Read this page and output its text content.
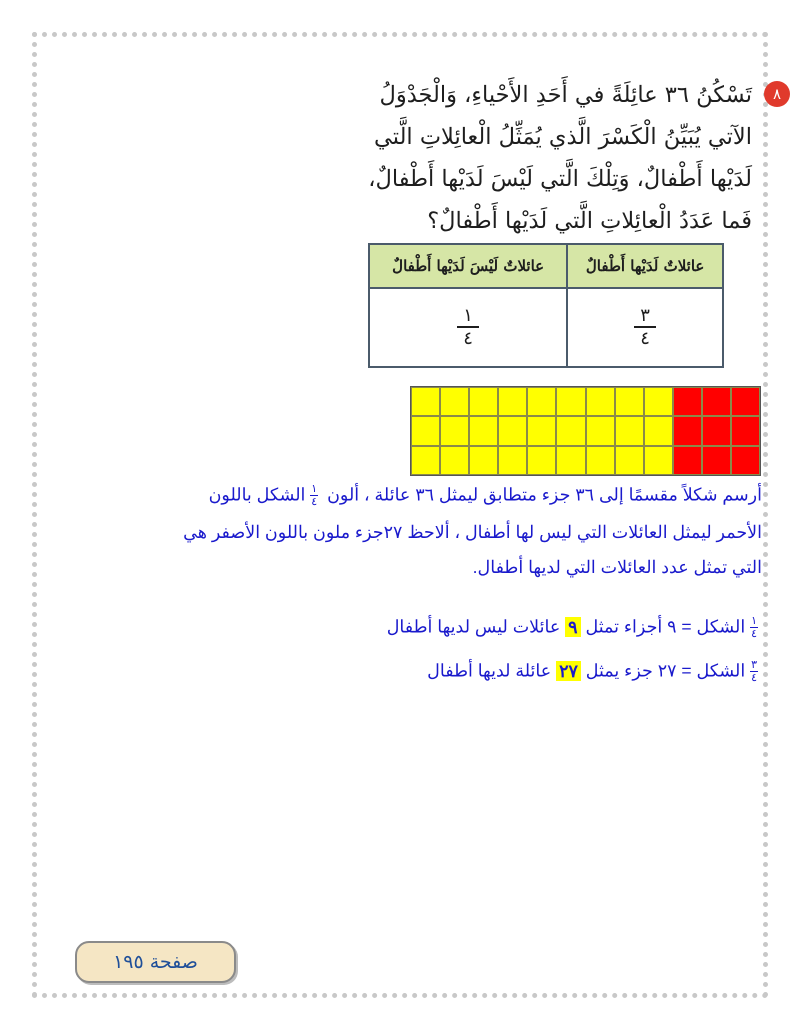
٨
تَسْكُنُ ٣٦ عائِلَةً في أَحَدِ الأَحْياءِ، وَالْجَدْوَلُ
الآتي يُبَيِّنُ الْكَسْرَ الَّذي يُمَثِّلُ الْعائِلاتِ الَّتي
لَدَيْها أَطْفالٌ، وَتِلْكَ الَّتي لَيْسَ لَدَيْها أَطْفالٌ،
فَما عَدَدُ الْعائِلاتِ الَّتي لَدَيْها أَطْفالٌ؟
عائلاتٌ لَدَيْها أَطْفالٌ	عائلاتٌ لَيْسَ لَدَيْها أَطْفالٌ

$\frac{٣}{٤}$	$\frac{١}{٤}$
أرسم شكلاً مقسمًا إلى ٣٦ جزء متطابق ليمثل ٣٦ عائلة ، ألون
$\frac{١}{٤}$
الشكل باللون
الأحمر ليمثل العائلات التي ليس لها أطفال ، ألاحظ ٢٧جزء ملون باللون الأصفر هي
التي تمثل عدد العائلات التي لديها أطفال.
$\frac{١}{٤}$
الشكل = ٩ أجزاء تمثل ٩ عائلات ليس لديها أطفال
$\frac{٣}{٤}$
الشكل = ٢٧ جزء يمثل ٢٧ عائلة لديها أطفال
صفحة ١٩٥
